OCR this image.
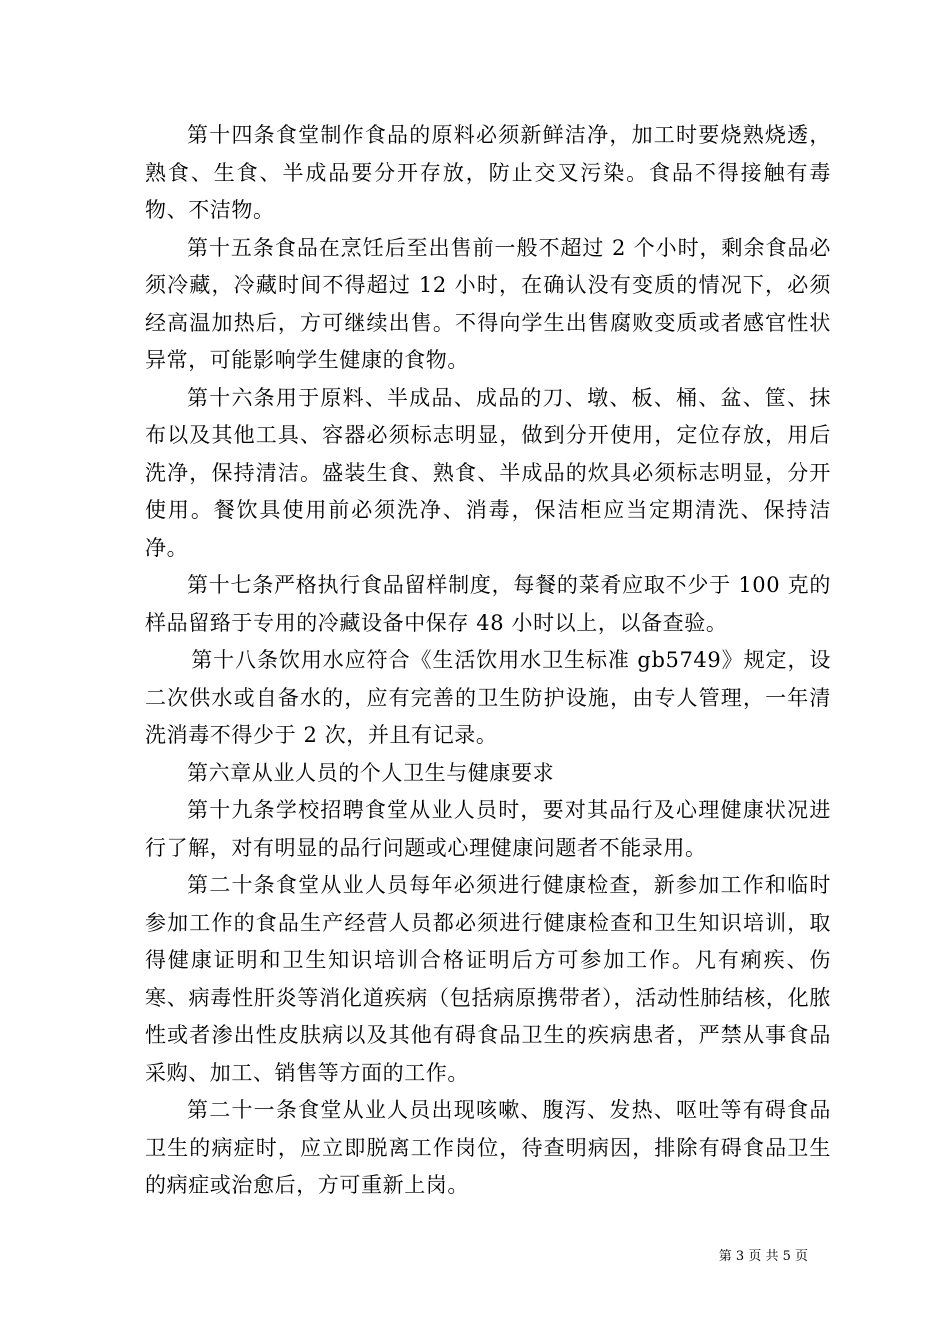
第十四条食堂制作食品的原料必须新鲜洁净，加工时要烧熟烧透，熟食、生食、半成品要分开存放，防止交叉污染。食品不得接触有毒物、不洁物。

第十五条食品在烹饪后至出售前一般不超过 2 个小时，剩余食品必须冷藏，冷藏时间不得超过 12 小时，在确认没有变质的情况下，必须经高温加热后，方可继续出售。不得向学生出售腐败变质或者感官性状异常，可能影响学生健康的食物。

第十六条用于原料、半成品、成品的刀、墩、板、桶、盆、筐、抹布以及其他工具、容器必须标志明显，做到分开使用，定位存放，用后洗净，保持清洁。盛装生食、熟食、半成品的炊具必须标志明显，分开使用。餐饮具使用前必须洗净、消毒，保洁柜应当定期清洗、保持洁净。

第十七条严格执行食品留样制度，每餐的菜肴应取不少于 100 克的样品留臵于专用的冷藏设备中保存 48 小时以上，以备查验。

第十八条饮用水应符合《生活饮用水卫生标准 gb5749》规定，设二次供水或自备水的，应有完善的卫生防护设施，由专人管理，一年清洗消毒不得少于 2 次，并且有记录。

第六章从业人员的个人卫生与健康要求

第十九条学校招聘食堂从业人员时，要对其品行及心理健康状况进行了解，对有明显的品行问题或心理健康问题者不能录用。

第二十条食堂从业人员每年必须进行健康检查，新参加工作和临时参加工作的食品生产经营人员都必须进行健康检查和卫生知识培训，取得健康证明和卫生知识培训合格证明后方可参加工作。凡有痢疾、伤寒、病毒性肝炎等消化道疾病（包括病原携带者），活动性肺结核，化脓性或者渗出性皮肤病以及其他有碍食品卫生的疾病患者，严禁从事食品采购、加工、销售等方面的工作。

第二十一条食堂从业人员出现咳嗽、腹泻、发热、呕吐等有碍食品卫生的病症时，应立即脱离工作岗位，待查明病因，排除有碍食品卫生的病症或治愈后，方可重新上岗。

第 3 页 共 5 页
